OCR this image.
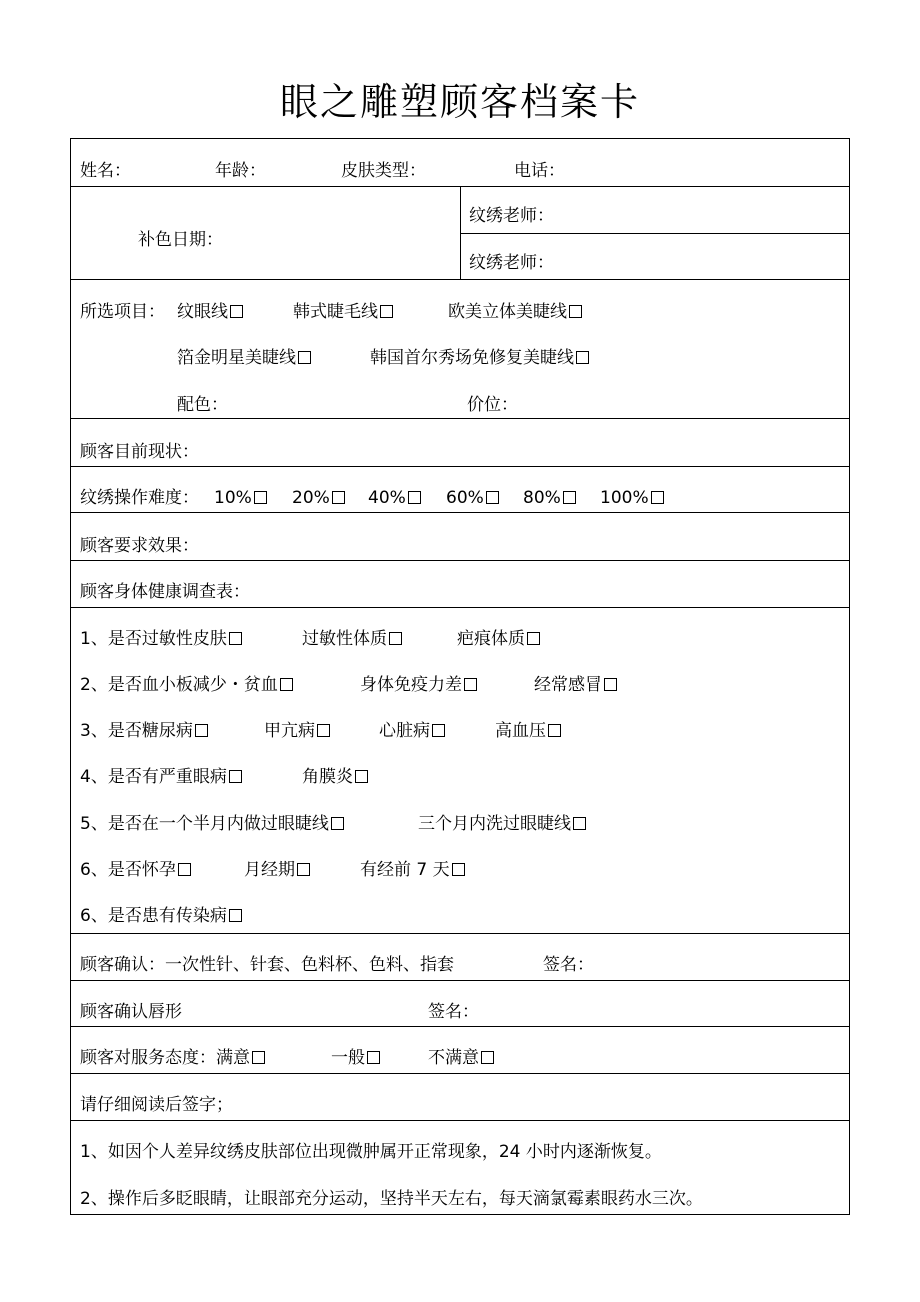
眼之雕塑顾客档案卡
姓名：	年龄：	皮肤类型：	电话：
补色日期：
纹绣老师：
纹绣老师：
所选项目： 纹眼线	韩式睫毛线	欧美立体美睫线
箔金明星美睫线	韩国首尔秀场免修复美睫线
配色：	价位：
顾客目前现状：
纹绣操作难度： 10%	20%	40%	60%	80%	100%
顾客要求效果：
顾客身体健康调查表：
1、是否过敏性皮肤	过敏性体质	疤痕体质
2、是否血小板减少・贫血	身体免疫力差	经常感冒
3、是否糖尿病	甲亢病	心脏病	高血压
4、是否有严重眼病	角膜炎
5、是否在一个半月内做过眼睫线	三个月内洗过眼睫线
6、是否怀孕	月经期	有经前 7 天
6、是否患有传染病
顾客确认：一次性针、针套、色料杯、色料、指套	签名：
顾客确认唇形	签名：
顾客对服务态度：满意	一般	不满意
请仔细阅读后签字；
1、如因个人差异纹绣皮肤部位出现微肿属开正常现象，24 小时内逐渐恢复。
2、操作后多眨眼睛，让眼部充分运动，坚持半天左右，每天滴氯霉素眼药水三次。
